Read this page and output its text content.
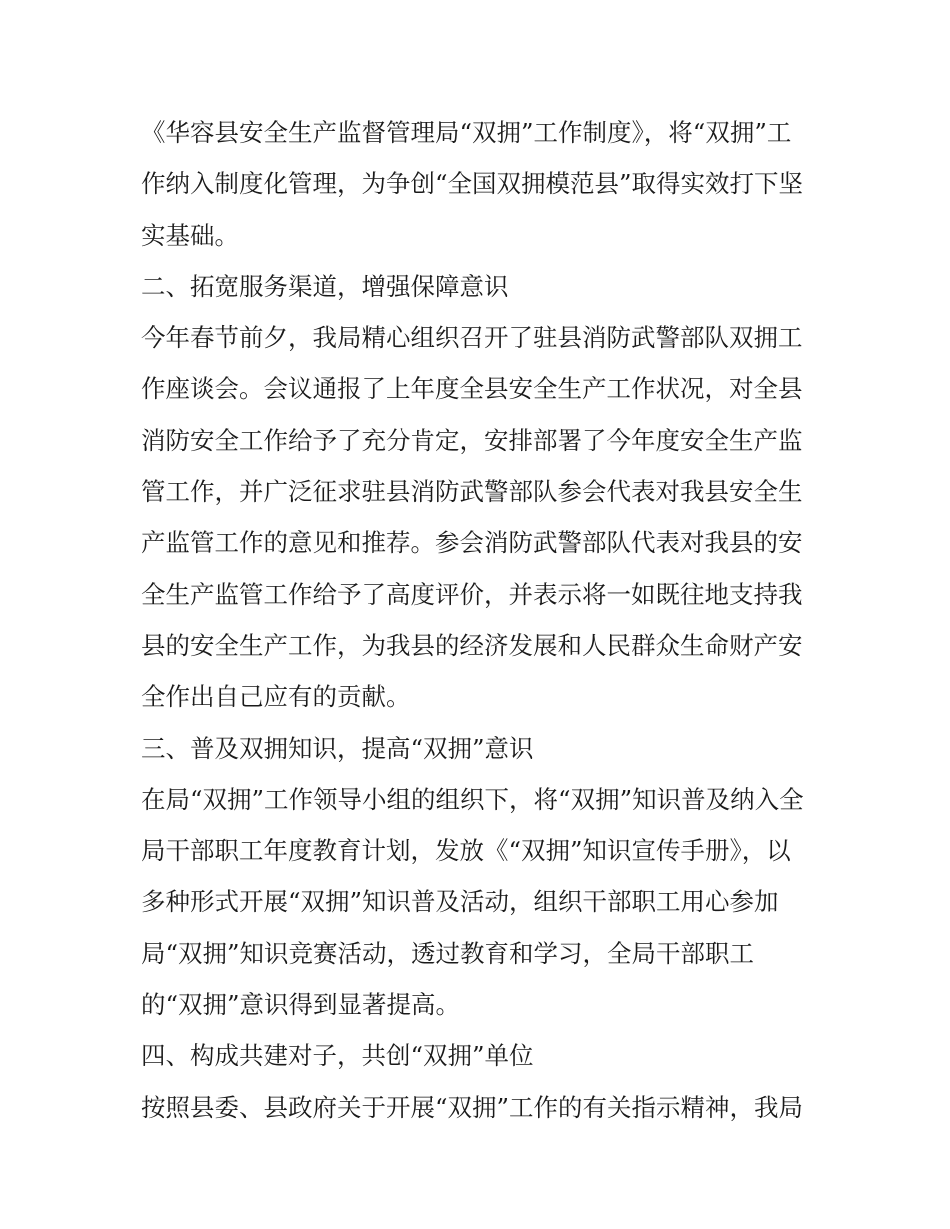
《华容县安全生产监督管理局“双拥”工作制度》，将“双拥”工
作纳入制度化管理，为争创“全国双拥模范县”取得实效打下坚
实基础。
二、拓宽服务渠道，增强保障意识
今年春节前夕，我局精心组织召开了驻县消防武警部队双拥工
作座谈会。会议通报了上年度全县安全生产工作状况，对全县
消防安全工作给予了充分肯定，安排部署了今年度安全生产监
管工作，并广泛征求驻县消防武警部队参会代表对我县安全生
产监管工作的意见和推荐。参会消防武警部队代表对我县的安
全生产监管工作给予了高度评价，并表示将一如既往地支持我
县的安全生产工作，为我县的经济发展和人民群众生命财产安
全作出自己应有的贡献。
三、普及双拥知识，提高“双拥”意识
在局“双拥”工作领导小组的组织下，将“双拥”知识普及纳入全
局干部职工年度教育计划，发放《“双拥”知识宣传手册》，以
多种形式开展“双拥”知识普及活动，组织干部职工用心参加
局“双拥”知识竞赛活动，透过教育和学习，全局干部职工
的“双拥”意识得到显著提高。
四、构成共建对子，共创“双拥”单位
按照县委、县政府关于开展“双拥”工作的有关指示精神，我局
